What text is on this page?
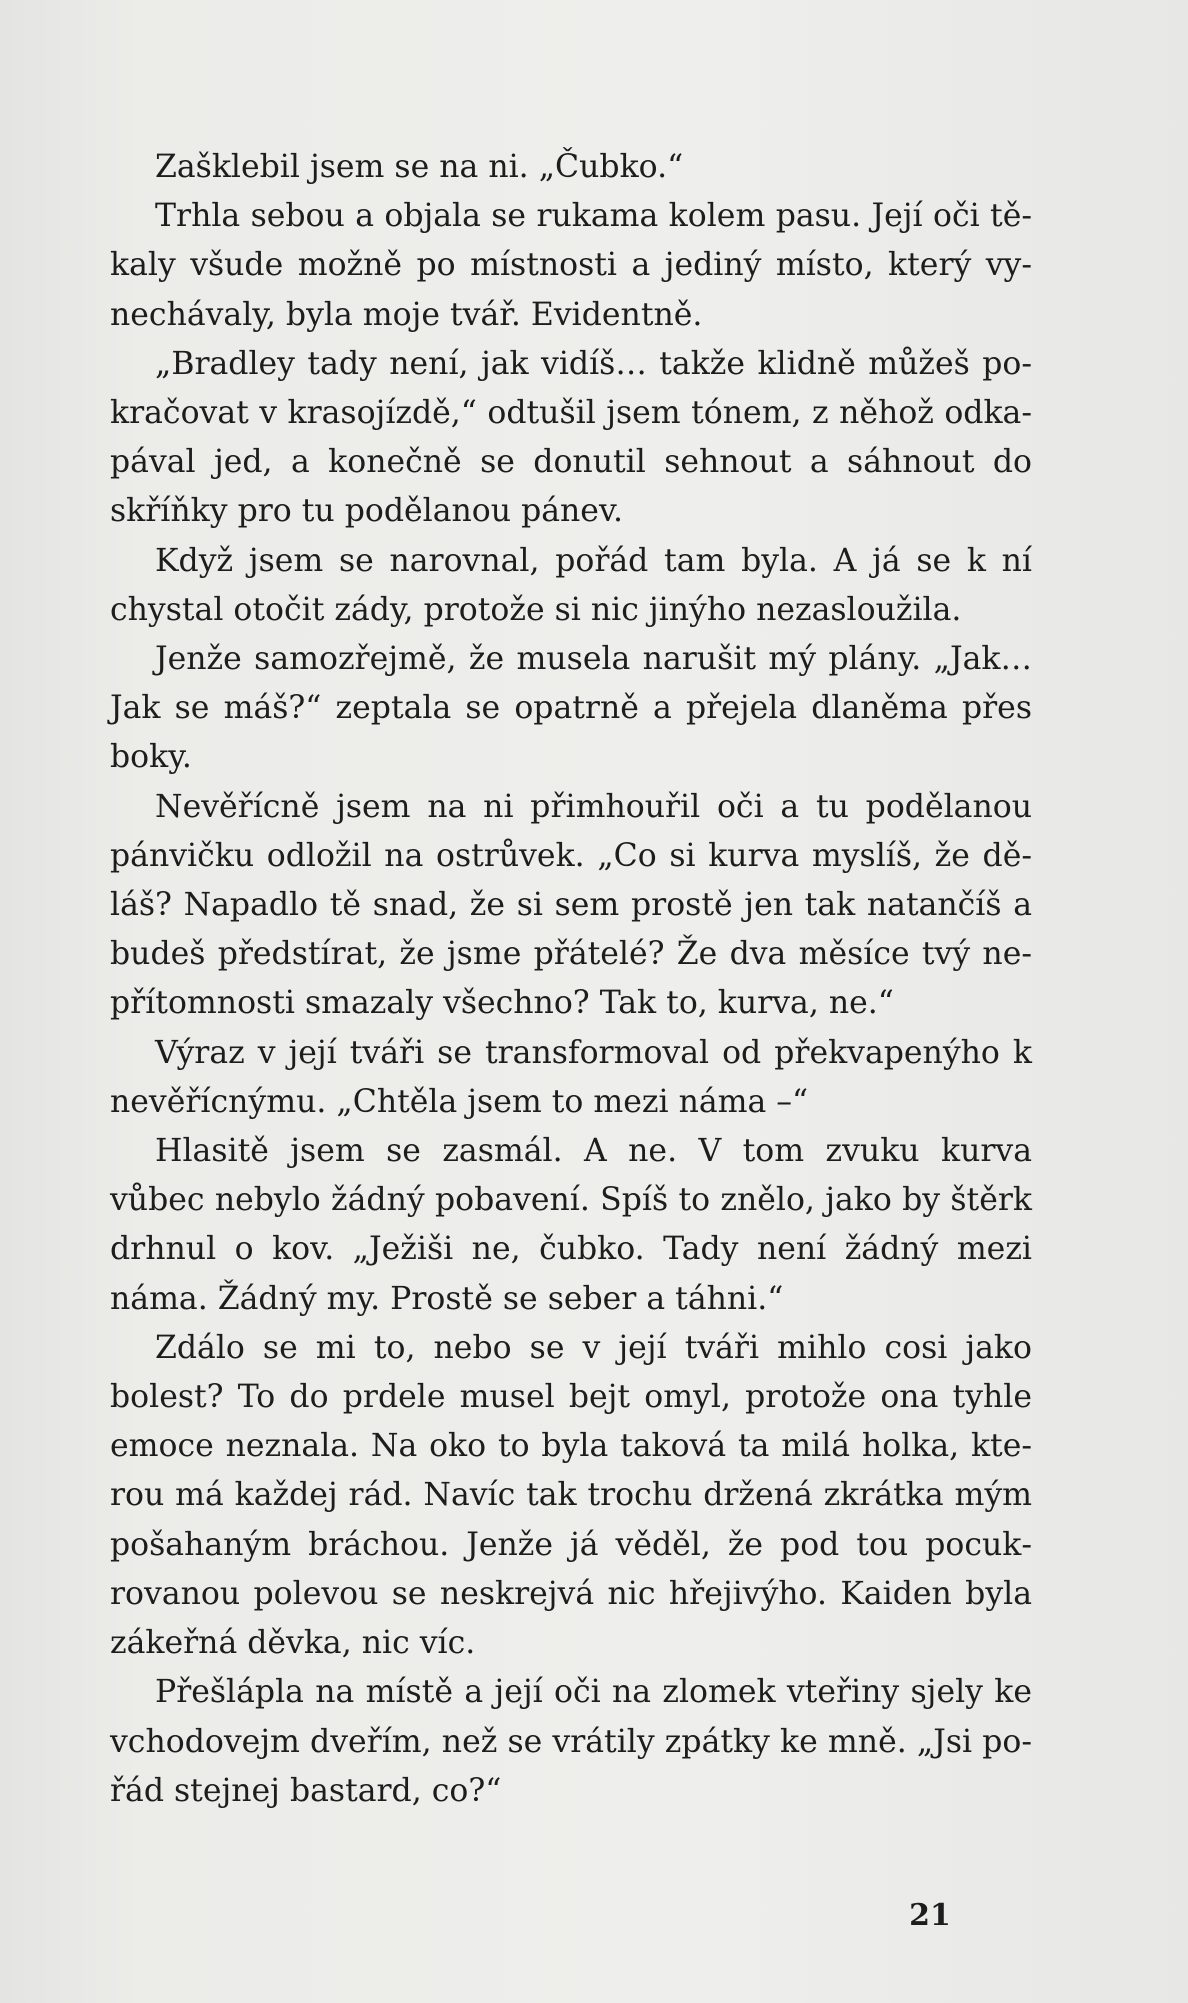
Zašklebil jsem se na ni. „Čubko.“

Trhla sebou a objala se rukama kolem pasu. Její oči těkaly všude možně po místnosti a jediný místo, který vynechávaly, byla moje tvář. Evidentně.

„Bradley tady není, jak vidíš… takže klidně můžeš pokračovat v krasojízdě,“ odtušil jsem tónem, z něhož odkapával jed, a konečně se donutil sehnout a sáhnout do skříňky pro tu podělanou pánev.

Když jsem se narovnal, pořád tam byla. A já se k ní chystal otočit zády, protože si nic jinýho nezasloužila.

Jenže samozřejmě, že musela narušit mý plány. „Jak… Jak se máš?“ zeptala se opatrně a přejela dlaněma přes boky.

Nevěřícně jsem na ni přimhouřil oči a tu podělanou pánvičku odložil na ostrůvek. „Co si kurva myslíš, že děláš? Napadlo tě snad, že si sem prostě jen tak natančíš a budeš předstírat, že jsme přátelé? Že dva měsíce tvý nepřítomnosti smazaly všechno? Tak to, kurva, ne.“

Výraz v její tváři se transformoval od překvapenýho k nevěřícnýmu. „Chtěla jsem to mezi náma –“

Hlasitě jsem se zasmál. A ne. V tom zvuku kurva vůbec nebylo žádný pobavení. Spíš to znělo, jako by štěrk drhnul o kov. „Ježiši ne, čubko. Tady není žádný mezi náma. Žádný my. Prostě se seber a táhni.“

Zdálo se mi to, nebo se v její tváři mihlo cosi jako bolest? To do prdele musel bejt omyl, protože ona tyhle emoce neznala. Na oko to byla taková ta milá holka, kterou má každej rád. Navíc tak trochu držená zkrátka mým pošahaným bráchou. Jenže já věděl, že pod tou pocukrovanou polevou se neskrejvá nic hřejivýho. Kaiden byla zákeřná děvka, nic víc.

Přešlápla na místě a její oči na zlomek vteřiny sjely ke vchodovejm dveřím, než se vrátily zpátky ke mně. „Jsi pořád stejnej bastard, co?“

21
